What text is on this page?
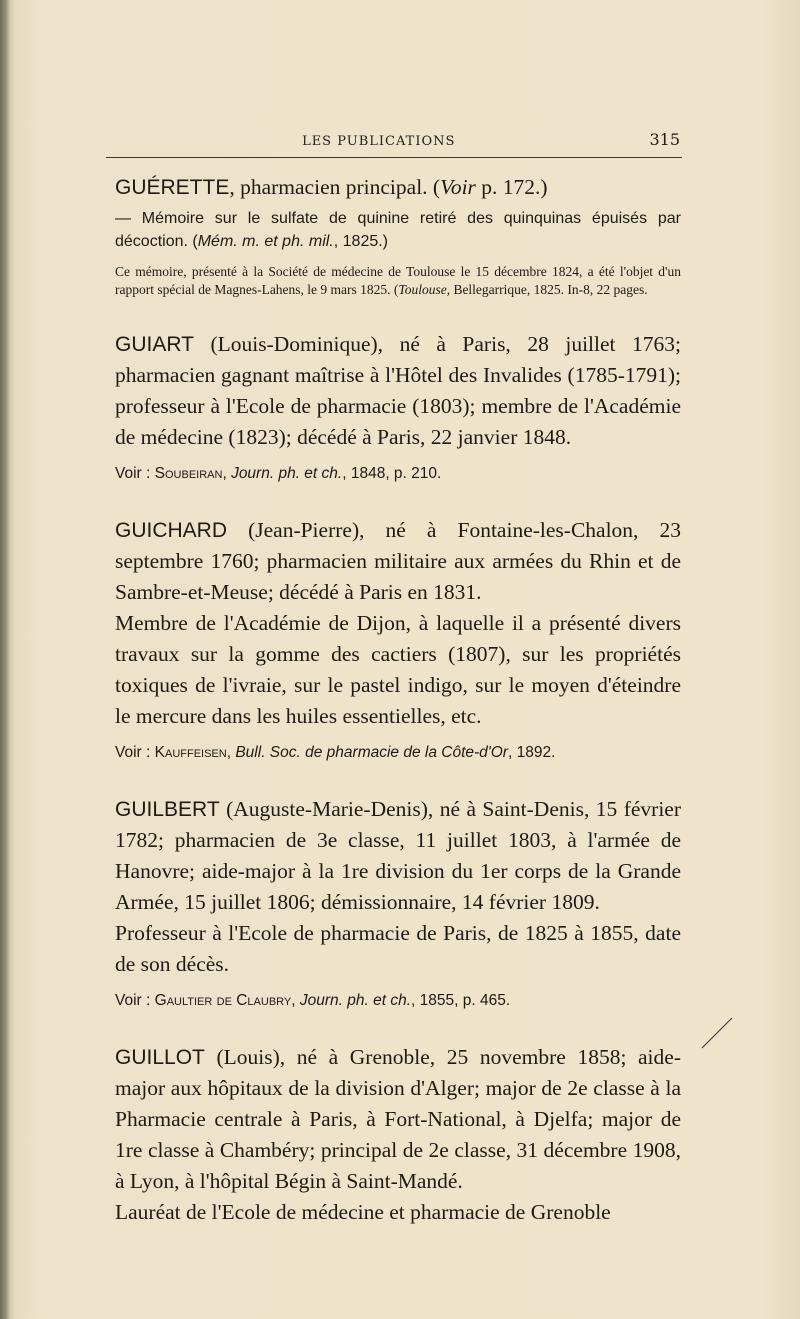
LES PUBLICATIONS	315

GUÉRETTE, pharmacien principal. (Voir p. 172.)

— Mémoire sur le sulfate de quinine retiré des quinquinas épuisés par décoction. (Mém. m. et ph. mil., 1825.)

Ce mémoire, présenté à la Société de médecine de Toulouse le 15 décembre 1824, a été l'objet d'un rapport spécial de Magnes-Lahens, le 9 mars 1825. (Toulouse, Bellegarrique, 1825. In-8, 22 pages.

GUIART (Louis-Dominique), né à Paris, 28 juillet 1763; pharmacien gagnant maîtrise à l'Hôtel des Invalides (1785-1791); professeur à l'Ecole de pharmacie (1803); membre de l'Académie de médecine (1823); décédé à Paris, 22 janvier 1848.

Voir : Soubeiran, Journ. ph. et ch., 1848, p. 210.

GUICHARD (Jean-Pierre), né à Fontaine-les-Chalon, 23 septembre 1760; pharmacien militaire aux armées du Rhin et de Sambre-et-Meuse; décédé à Paris en 1831.

Membre de l'Académie de Dijon, à laquelle il a présenté divers travaux sur la gomme des cactiers (1807), sur les propriétés toxiques de l'ivraie, sur le pastel indigo, sur le moyen d'éteindre le mercure dans les huiles essentielles, etc.

Voir : Kauffeisen, Bull. Soc. de pharmacie de la Côte-d'Or, 1892.

GUILBERT (Auguste-Marie-Denis), né à Saint-Denis, 15 février 1782; pharmacien de 3e classe, 11 juillet 1803, à l'armée de Hanovre; aide-major à la 1re division du 1er corps de la Grande Armée, 15 juillet 1806; démissionnaire, 14 février 1809.

Professeur à l'Ecole de pharmacie de Paris, de 1825 à 1855, date de son décès.

Voir : Gaultier de Claubry, Journ. ph. et ch., 1855, p. 465.

GUILLOT (Louis), né à Grenoble, 25 novembre 1858; aide-major aux hôpitaux de la division d'Alger; major de 2e classe à la Pharmacie centrale à Paris, à Fort-National, à Djelfa; major de 1re classe à Chambéry; principal de 2e classe, 31 décembre 1908, à Lyon, à l'hôpital Bégin à Saint-Mandé.

Lauréat de l'Ecole de médecine et pharmacie de Grenoble
